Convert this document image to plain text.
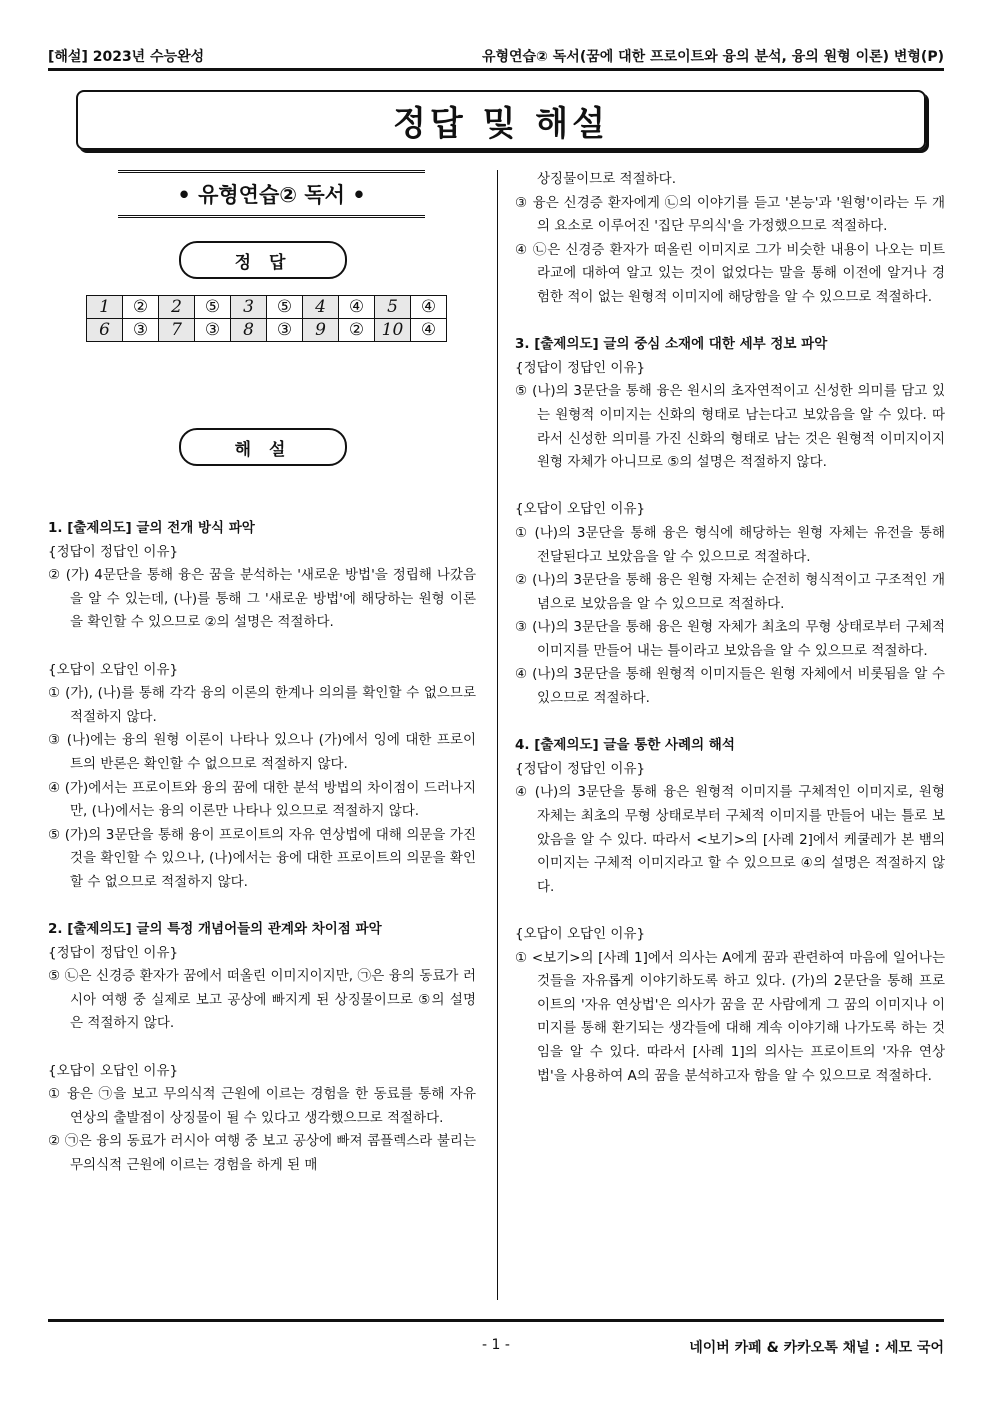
[해설] 2023년 수능완성	유형연습② 독서(꿈에 대한 프로이트와 융의 분석, 융의 원형 이론) 변형(P)
정답 및 해설
• 유형연습② 독서 •
정 답
1	②	2	⑤	3	⑤	4	④	5	④
6	③	7	③	8	③	9	②	10	④
해 설

1. [출제의도] 글의 전개 방식 파악

{정답이 정답인 이유}

② (가) 4문단을 통해 융은 꿈을 분석하는 '새로운 방법'을 정립해 나갔음을 알 수 있는데, (나)를 통해 그 '새로운 방법'에 해당하는 원형 이론을 확인할 수 있으므로 ②의 설명은 적절하다.

{오답이 오답인 이유}

① (가), (나)를 통해 각각 융의 이론의 한계나 의의를 확인할 수 없으므로 적절하지 않다.

③ (나)에는 융의 원형 이론이 나타나 있으나 (가)에서 잉에 대한 프로이트의 반론은 확인할 수 없으므로 적절하지 않다.

④ (가)에서는 프로이트와 융의 꿈에 대한 분석 방법의 차이점이 드러나지만, (나)에서는 융의 이론만 나타나 있으므로 적절하지 않다.

⑤ (가)의 3문단을 통해 융이 프로이트의 자유 연상법에 대해 의문을 가진 것을 확인할 수 있으나, (나)에서는 융에 대한 프로이트의 의문을 확인할 수 없으므로 적절하지 않다.

2. [출제의도] 글의 특정 개념어들의 관계와 차이점 파악

{정답이 정답인 이유}

⑤ ㉡은 신경증 환자가 꿈에서 떠올린 이미지이지만, ㉠은 융의 동료가 러시아 여행 중 실제로 보고 공상에 빠지게 된 상징물이므로 ⑤의 설명은 적절하지 않다.

{오답이 오답인 이유}

① 융은 ㉠을 보고 무의식적 근원에 이르는 경험을 한 동료를 통해 자유 연상의 출발점이 상징물이 될 수 있다고 생각했으므로 적절하다.

② ㉠은 융의 동료가 러시아 여행 중 보고 공상에 빠져 콤플렉스라 불리는 무의식적 근원에 이르는 경험을 하게 된 매

상징물이므로 적절하다.

③ 융은 신경증 환자에게 ㉡의 이야기를 듣고 '본능'과 '원형'이라는 두 개의 요소로 이루어진 '집단 무의식'을 가정했으므로 적절하다.

④ ㉡은 신경증 환자가 떠올린 이미지로 그가 비슷한 내용이 나오는 미트라교에 대하여 알고 있는 것이 없었다는 말을 통해 이전에 알거나 경험한 적이 없는 원형적 이미지에 해당함을 알 수 있으므로 적절하다.

3. [출제의도] 글의 중심 소재에 대한 세부 정보 파악

{정답이 정답인 이유}

⑤ (나)의 3문단을 통해 융은 원시의 초자연적이고 신성한 의미를 담고 있는 원형적 이미지는 신화의 형태로 남는다고 보았음을 알 수 있다. 따라서 신성한 의미를 가진 신화의 형태로 남는 것은 원형적 이미지이지 원형 자체가 아니므로 ⑤의 설명은 적절하지 않다.

{오답이 오답인 이유}

① (나)의 3문단을 통해 융은 형식에 해당하는 원형 자체는 유전을 통해 전달된다고 보았음을 알 수 있으므로 적절하다.

② (나)의 3문단을 통해 융은 원형 자체는 순전히 형식적이고 구조적인 개념으로 보았음을 알 수 있으므로 적절하다.

③ (나)의 3문단을 통해 융은 원형 자체가 최초의 무형 상태로부터 구체적 이미지를 만들어 내는 틀이라고 보았음을 알 수 있으므로 적절하다.

④ (나)의 3문단을 통해 원형적 이미지들은 원형 자체에서 비롯됨을 알 수 있으므로 적절하다.

4. [출제의도] 글을 통한 사례의 해석

{정답이 정답인 이유}

④ (나)의 3문단을 통해 융은 원형적 이미지를 구체적인 이미지로, 원형 자체는 최초의 무형 상태로부터 구체적 이미지를 만들어 내는 틀로 보았음을 알 수 있다. 따라서 <보기>의 [사례 2]에서 케쿨레가 본 뱀의 이미지는 구체적 이미지라고 할 수 있으므로 ④의 설명은 적절하지 않다.

{오답이 오답인 이유}

① <보기>의 [사례 1]에서 의사는 A에게 꿈과 관련하여 마음에 일어나는 것들을 자유롭게 이야기하도록 하고 있다. (가)의 2문단을 통해 프로이트의 '자유 연상법'은 의사가 꿈을 꾼 사람에게 그 꿈의 이미지나 이미지를 통해 환기되는 생각들에 대해 계속 이야기해 나가도록 하는 것임을 알 수 있다. 따라서 [사례 1]의 의사는 프로이트의 '자유 연상법'을 사용하여 A의 꿈을 분석하고자 함을 알 수 있으므로 적절하다.

- 1 -	네이버 카페 & 카카오톡 채널 : 세모 국어
